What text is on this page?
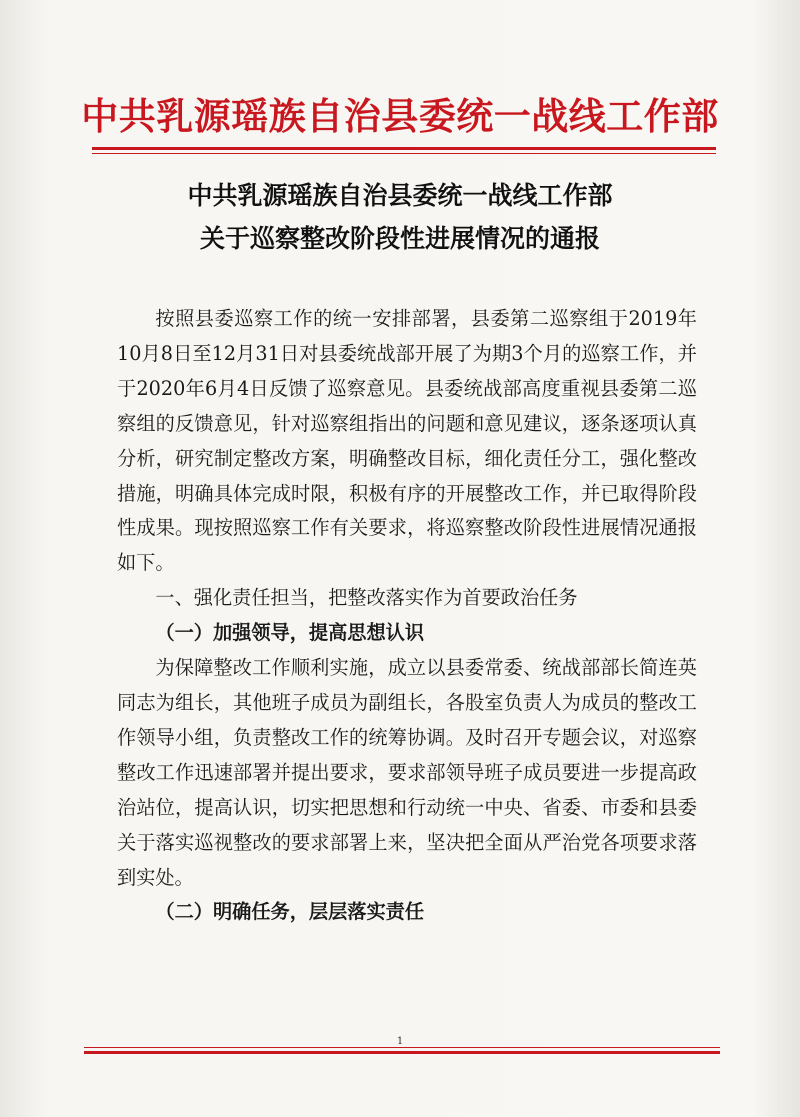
中共乳源瑶族自治县委统一战线工作部
中共乳源瑶族自治县委统一战线工作部
关于巡察整改阶段性进展情况的通报

按照县委巡察工作的统一安排部署，县委第二巡察组于2019年10月8日至12月31日对县委统战部开展了为期3个月的巡察工作，并于2020年6月4日反馈了巡察意见。县委统战部高度重视县委第二巡察组的反馈意见，针对巡察组指出的问题和意见建议，逐条逐项认真分析，研究制定整改方案，明确整改目标，细化责任分工，强化整改措施，明确具体完成时限，积极有序的开展整改工作，并已取得阶段性成果。现按照巡察工作有关要求，将巡察整改阶段性进展情况通报如下。

一、强化责任担当，把整改落实作为首要政治任务

（一）加强领导，提高思想认识

为保障整改工作顺利实施，成立以县委常委、统战部部长简连英同志为组长，其他班子成员为副组长，各股室负责人为成员的整改工作领导小组，负责整改工作的统筹协调。及时召开专题会议，对巡察整改工作迅速部署并提出要求，要求部领导班子成员要进一步提高政治站位，提高认识，切实把思想和行动统一中央、省委、市委和县委关于落实巡视整改的要求部署上来，坚决把全面从严治党各项要求落到实处。

（二）明确任务，层层落实责任

1
